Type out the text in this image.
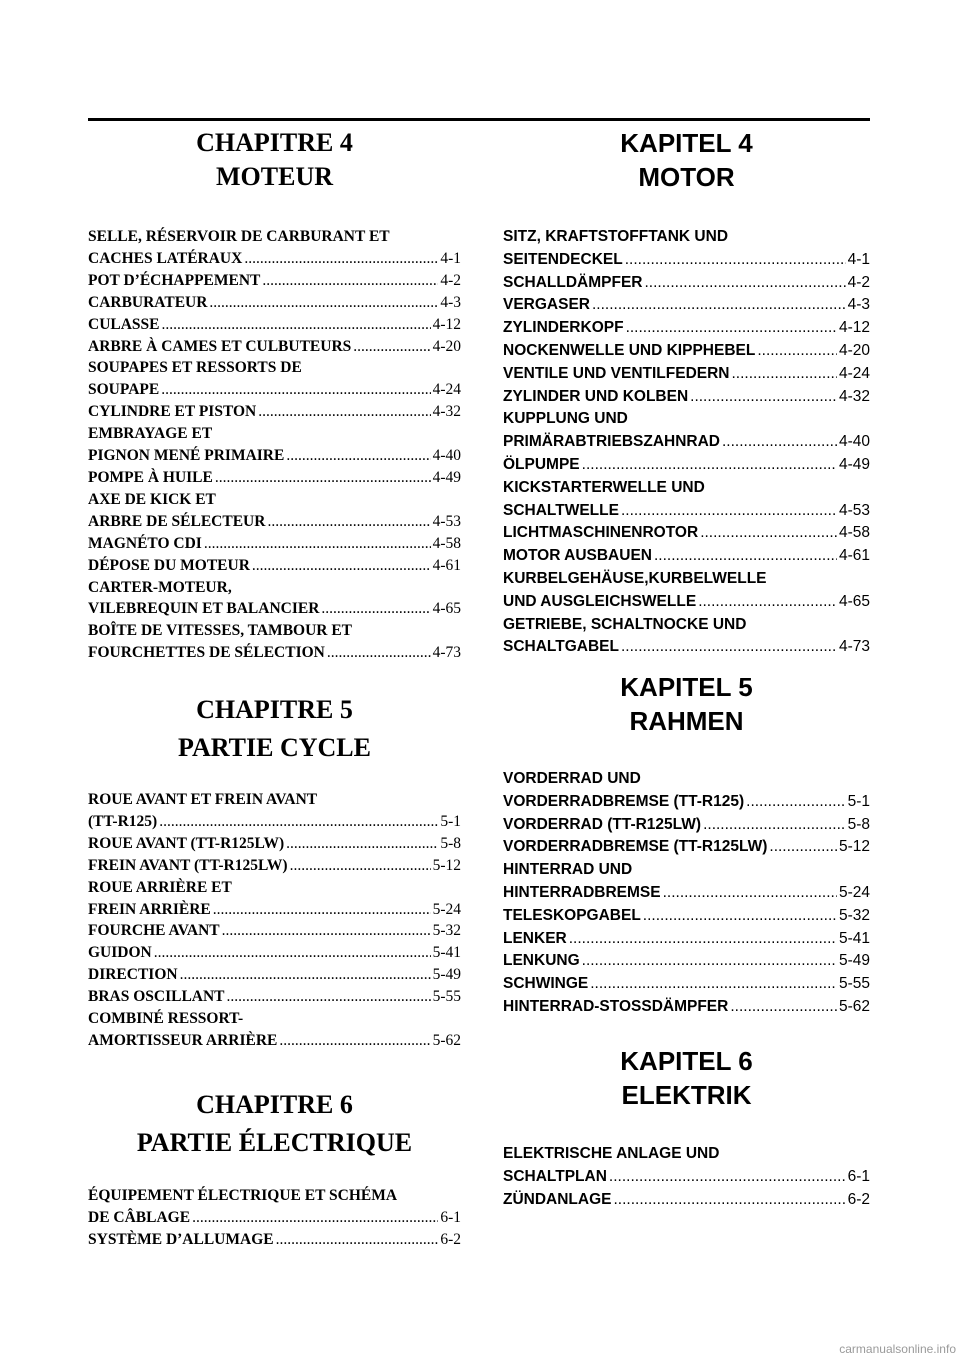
CHAPITRE 4
MOTEUR
SELLE, RÉSERVOIR DE CARBURANT ET
CACHES LATÉRAUX .....	4-1
POT D’ÉCHAPPEMENT .....	4-2
CARBURATEUR .....	4-3
CULASSE .....	4-12
ARBRE À CAMES ET CULBUTEURS .....	4-20
SOUPAPES ET RESSORTS DE
SOUPAPE .....	4-24
CYLINDRE ET PISTON .....	4-32
EMBRAYAGE ET
PIGNON MENÉ PRIMAIRE .....	4-40
POMPE À HUILE .....	4-49
AXE DE KICK ET
ARBRE DE SÉLECTEUR .....	4-53
MAGNÉTO CDI .....	4-58
DÉPOSE DU MOTEUR .....	4-61
CARTER-MOTEUR,
VILEBREQUIN ET BALANCIER .....	4-65
BOÎTE DE VITESSES, TAMBOUR ET
FOURCHETTES DE SÉLECTION .....	4-73
CHAPITRE 5
PARTIE CYCLE
ROUE AVANT ET FREIN AVANT
(TT-R125) .....	5-1
ROUE AVANT (TT-R125LW) .....	5-8
FREIN AVANT (TT-R125LW) .....	5-12
ROUE ARRIÈRE ET
FREIN ARRIÈRE .....	5-24
FOURCHE AVANT .....	5-32
GUIDON .....	5-41
DIRECTION .....	5-49
BRAS OSCILLANT .....	5-55
COMBINÉ RESSORT-
AMORTISSEUR ARRIÈRE .....	5-62
CHAPITRE 6
PARTIE ÉLECTRIQUE
ÉQUIPEMENT ÉLECTRIQUE ET SCHÉMA
DE CÂBLAGE .....	6-1
SYSTÈME D’ALLUMAGE .....	6-2
KAPITEL 4
MOTOR
SITZ, KRAFTSTOFFTANK UND
SEITENDECKEL .....	4-1
SCHALLDÄMPFER .....	4-2
VERGASER .....	4-3
ZYLINDERKOPF .....	4-12
NOCKENWELLE UND KIPPHEBEL .....	4-20
VENTILE UND VENTILFEDERN .....	4-24
ZYLINDER UND KOLBEN .....	4-32
KUPPLUNG UND
PRIMÄRABTRIEBSZAHNRAD .....	4-40
ÖLPUMPE .....	4-49
KICKSTARTERWELLE UND
SCHALTWELLE .....	4-53
LICHTMASCHINENROTOR .....	4-58
MOTOR AUSBAUEN .....	4-61
KURBELGEHÄUSE,KURBELWELLE
UND AUSGLEICHSWELLE .....	4-65
GETRIEBE, SCHALTNOCKE UND
SCHALTGABEL .....	4-73
KAPITEL 5
RAHMEN
VORDERRAD UND
VORDERRADBREMSE (TT-R125) .....	5-1
VORDERRAD (TT-R125LW) .....	5-8
VORDERRADBREMSE (TT-R125LW) .....	5-12
HINTERRAD UND
HINTERRADBREMSE .....	5-24
TELESKOPGABEL .....	5-32
LENKER .....	5-41
LENKUNG .....	5-49
SCHWINGE .....	5-55
HINTERRAD-STOSSDÄMPFER .....	5-62
KAPITEL 6
ELEKTRIK
ELEKTRISCHE ANLAGE UND
SCHALTPLAN .....	6-1
ZÜNDANLAGE .....	6-2
carmanualsonline.info
